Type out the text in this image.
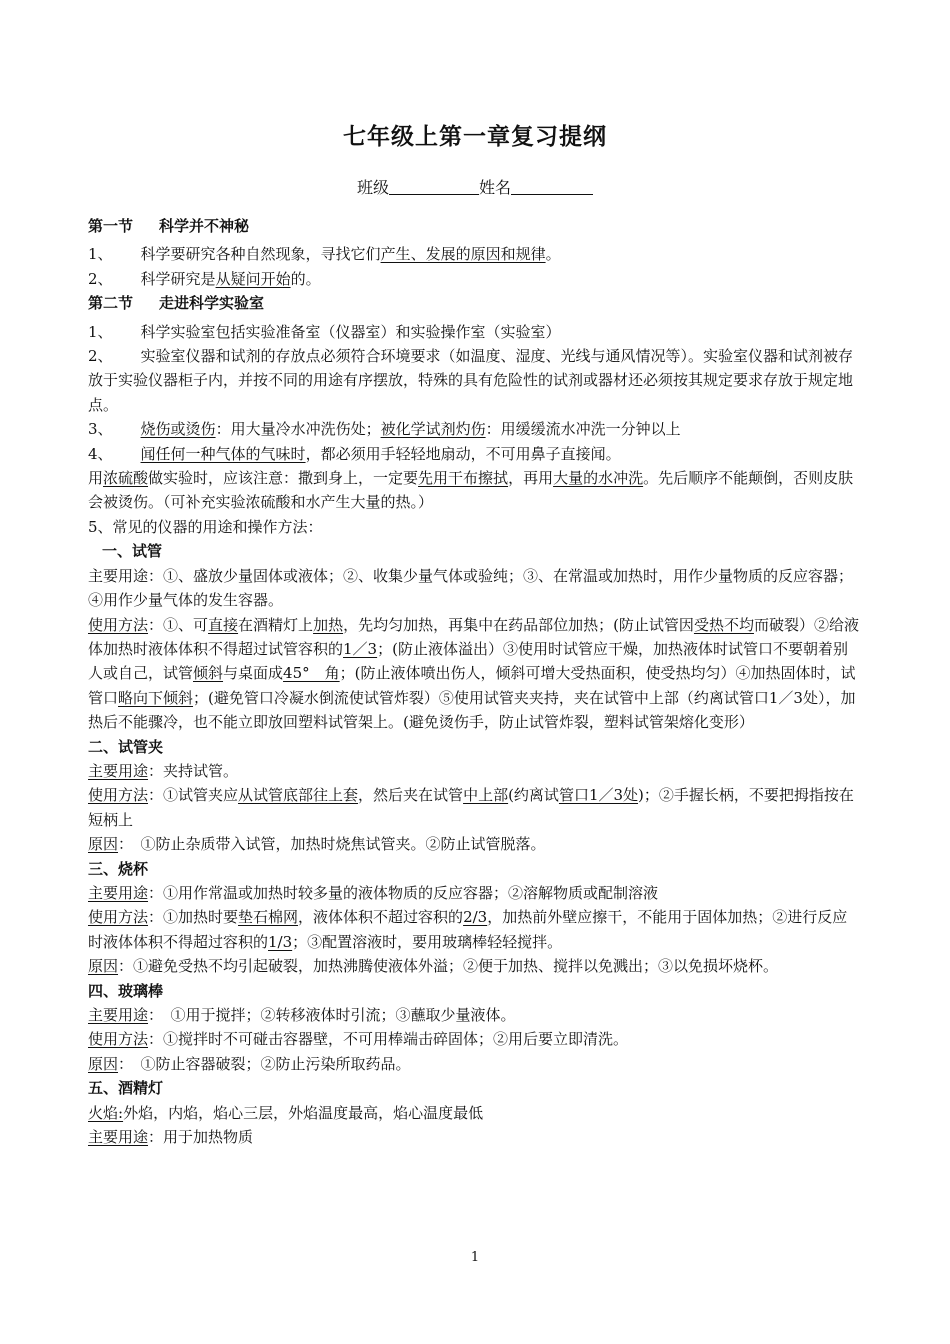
七年级上第一章复习提纲
班级	姓名

第一节 科学并不神秘

1、 科学要研究各种自然现象，寻找它们产生、发展的原因和规律。

2、 科学研究是从疑问开始的。

第二节 走进科学实验室

1、 科学实验室包括实验准备室（仪器室）和实验操作室（实验室）

2、 实验室仪器和试剂的存放点必须符合环境要求（如温度、湿度、光线与通风情况等）。实验室仪器和试剂被存放于实验仪器柜子内，并按不同的用途有序摆放，特殊的具有危险性的试剂或器材还必须按其规定要求存放于规定地点。

3、 烧伤或烫伤：用大量冷水冲洗伤处；被化学试剂灼伤：用缓缓流水冲洗一分钟以上

4、 闻任何一种气体的气味时，都必须用手轻轻地扇动，不可用鼻子直接闻。

用浓硫酸做实验时，应该注意：撒到身上，一定要先用干布擦拭，再用大量的水冲洗。先后顺序不能颠倒，否则皮肤会被烫伤。（可补充实验浓硫酸和水产生大量的热。）

5、常见的仪器的用途和操作方法：

一、试管

主要用途：①、盛放少量固体或液体；②、收集少量气体或验纯；③、在常温或加热时，用作少量物质的反应容器；④用作少量气体的发生容器。

使用方法：①、可直接在酒精灯上加热，先均匀加热，再集中在药品部位加热；(防止试管因受热不均而破裂）②给液体加热时液体体积不得超过试管容积的1／3；(防止液体溢出）③使用时试管应干燥，加热液体时试管口不要朝着别人或自己，试管倾斜与桌面成45°　角；(防止液体喷出伤人，倾斜可增大受热面积，使受热均匀）④加热固体时，试管口略向下倾斜；(避免管口冷凝水倒流使试管炸裂）⑤使用试管夹夹持，夹在试管中上部（约离试管口1／3处），加热后不能骤冷，也不能立即放回塑料试管架上。(避免烫伤手，防止试管炸裂，塑料试管架熔化变形）

二、试管夹

主要用途：夹持试管。

使用方法：①试管夹应从试管底部往上套，然后夹在试管中上部(约离试管口1／3处)；②手握长柄，不要把拇指按在短柄上

原因：　①防止杂质带入试管，加热时烧焦试管夹。②防止试管脱落。

三、烧杯

主要用途：①用作常温或加热时较多量的液体物质的反应容器；②溶解物质或配制溶液

使用方法：①加热时要垫石棉网，液体体积不超过容积的2/3，加热前外壁应擦干，不能用于固体加热；②进行反应时液体体积不得超过容积的1/3；③配置溶液时，要用玻璃棒轻轻搅拌。

原因：①避免受热不均引起破裂，加热沸腾使液体外溢；②便于加热、搅拌以免溅出；③以免损坏烧杯。

四、玻璃棒

主要用途：　①用于搅拌；②转移液体时引流；③蘸取少量液体。

使用方法：①搅拌时不可碰击容器壁，不可用棒端击碎固体；②用后要立即清洗。

原因：　①防止容器破裂；②防止污染所取药品。

五、酒精灯

火焰:外焰，内焰，焰心三层，外焰温度最高，焰心温度最低

主要用途：用于加热物质

1
